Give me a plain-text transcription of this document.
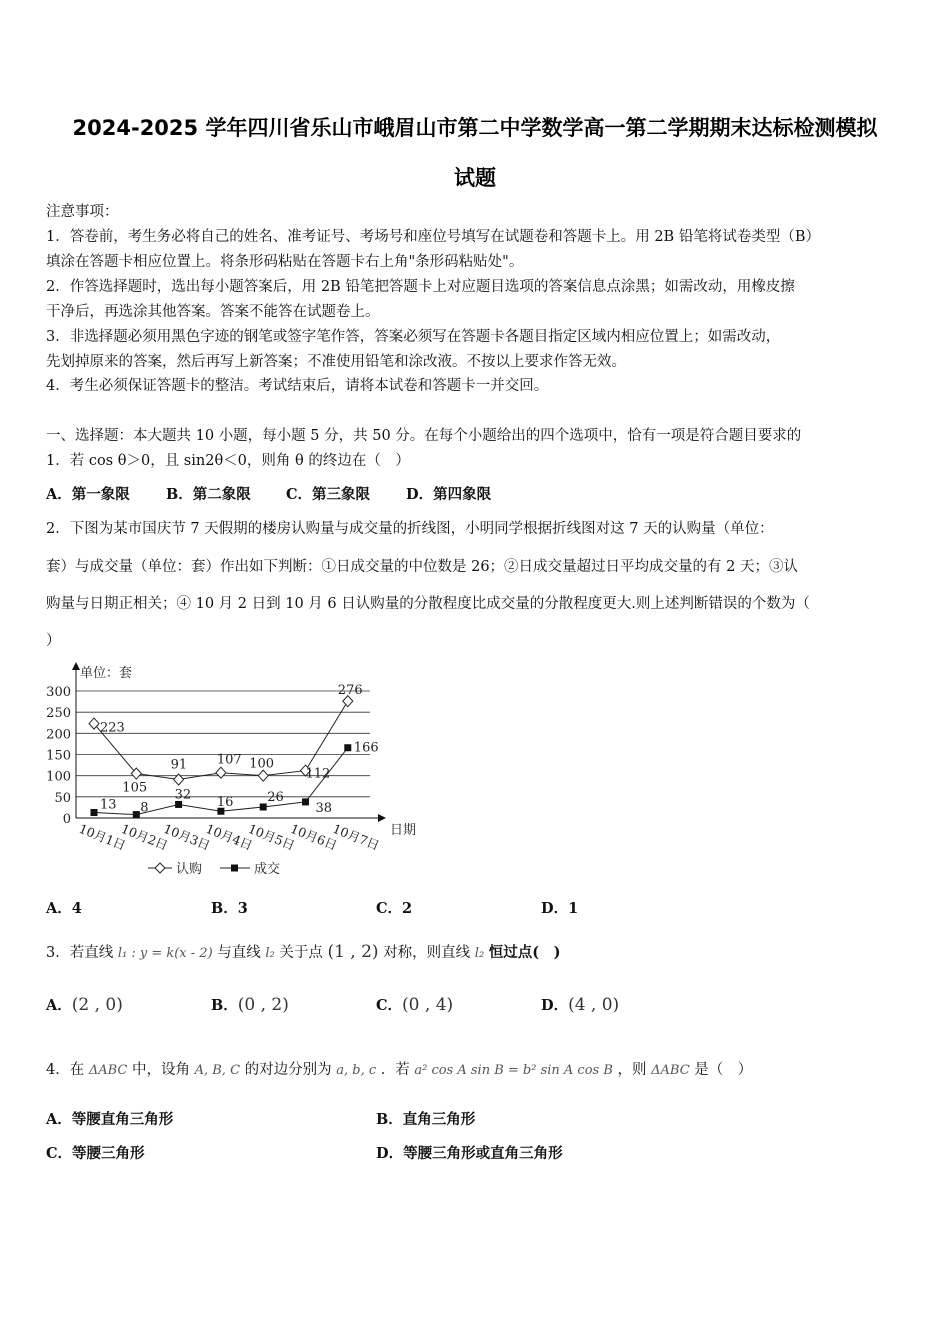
2024-2025 学年四川省乐山市峨眉山市第二中学数学高一第二学期期末达标检测模拟
试题
注意事项：
1．答卷前，考生务必将自己的姓名、准考证号、考场号和座位号填写在试题卷和答题卡上。用 2B 铅笔将试卷类型（B）
填涂在答题卡相应位置上。将条形码粘贴在答题卡右上角"条形码粘贴处"。
2．作答选择题时，选出每小题答案后，用 2B 铅笔把答题卡上对应题目选项的答案信息点涂黑；如需改动，用橡皮擦
干净后，再选涂其他答案。答案不能答在试题卷上。
3．非选择题必须用黑色字迹的钢笔或签字笔作答，答案必须写在答题卡各题目指定区域内相应位置上；如需改动，
先划掉原来的答案，然后再写上新答案；不准使用铅笔和涂改液。不按以上要求作答无效。
4．考生必须保证答题卡的整洁。考试结束后，请将本试卷和答题卡一并交回。
一、选择题：本大题共 10 小题，每小题 5 分，共 50 分。在每个小题给出的四个选项中，恰有一项是符合题目要求的
1．若 cos θ＞0，且 sin2θ＜0，则角 θ 的终边在（　）
A．第一象限	B．第二象限 C．第三象限 D．第四象限
2．下图为某市国庆节 7 天假期的楼房认购量与成交量的折线图，小明同学根据折线图对这 7 天的认购量（单位：
套）与成交量（单位：套）作出如下判断：①日成交量的中位数是 26；②日成交量超过日平均成交量的有 2 天；③认
购量与日期正相关；④ 10 月 2 日到 10 月 6 日认购量的分散程度比成交量的分散程度更大.则上述判断错误的个数为（
）
0
50
100
150
200
250
300
单位：套
日期
10月1日
10月2日
10月3日
10月4日
10月5日
10月6日
10月7日
223
105
91 107 100
112
276
13 8
32
16	26
38
166
认购	成交
A．4	B．3	C．2	D．1
3．若直线 l₁ : y = k(x - 2) 与直线 l₂ 关于点 (1 , 2) 对称，则直线 l₂ 恒过点(　)
A．(2 , 0)	B．(0 , 2)	C．(0 , 4)	D．(4 , 0)
4．在 ΔABC 中，设角 A, B, C 的对边分别为 a, b, c ．若 a² cos A sin B = b² sin A cos B ，则 ΔABC 是（　）
A．等腰直角三角形	B．直角三角形
C．等腰三角形	D．等腰三角形或直角三角形
